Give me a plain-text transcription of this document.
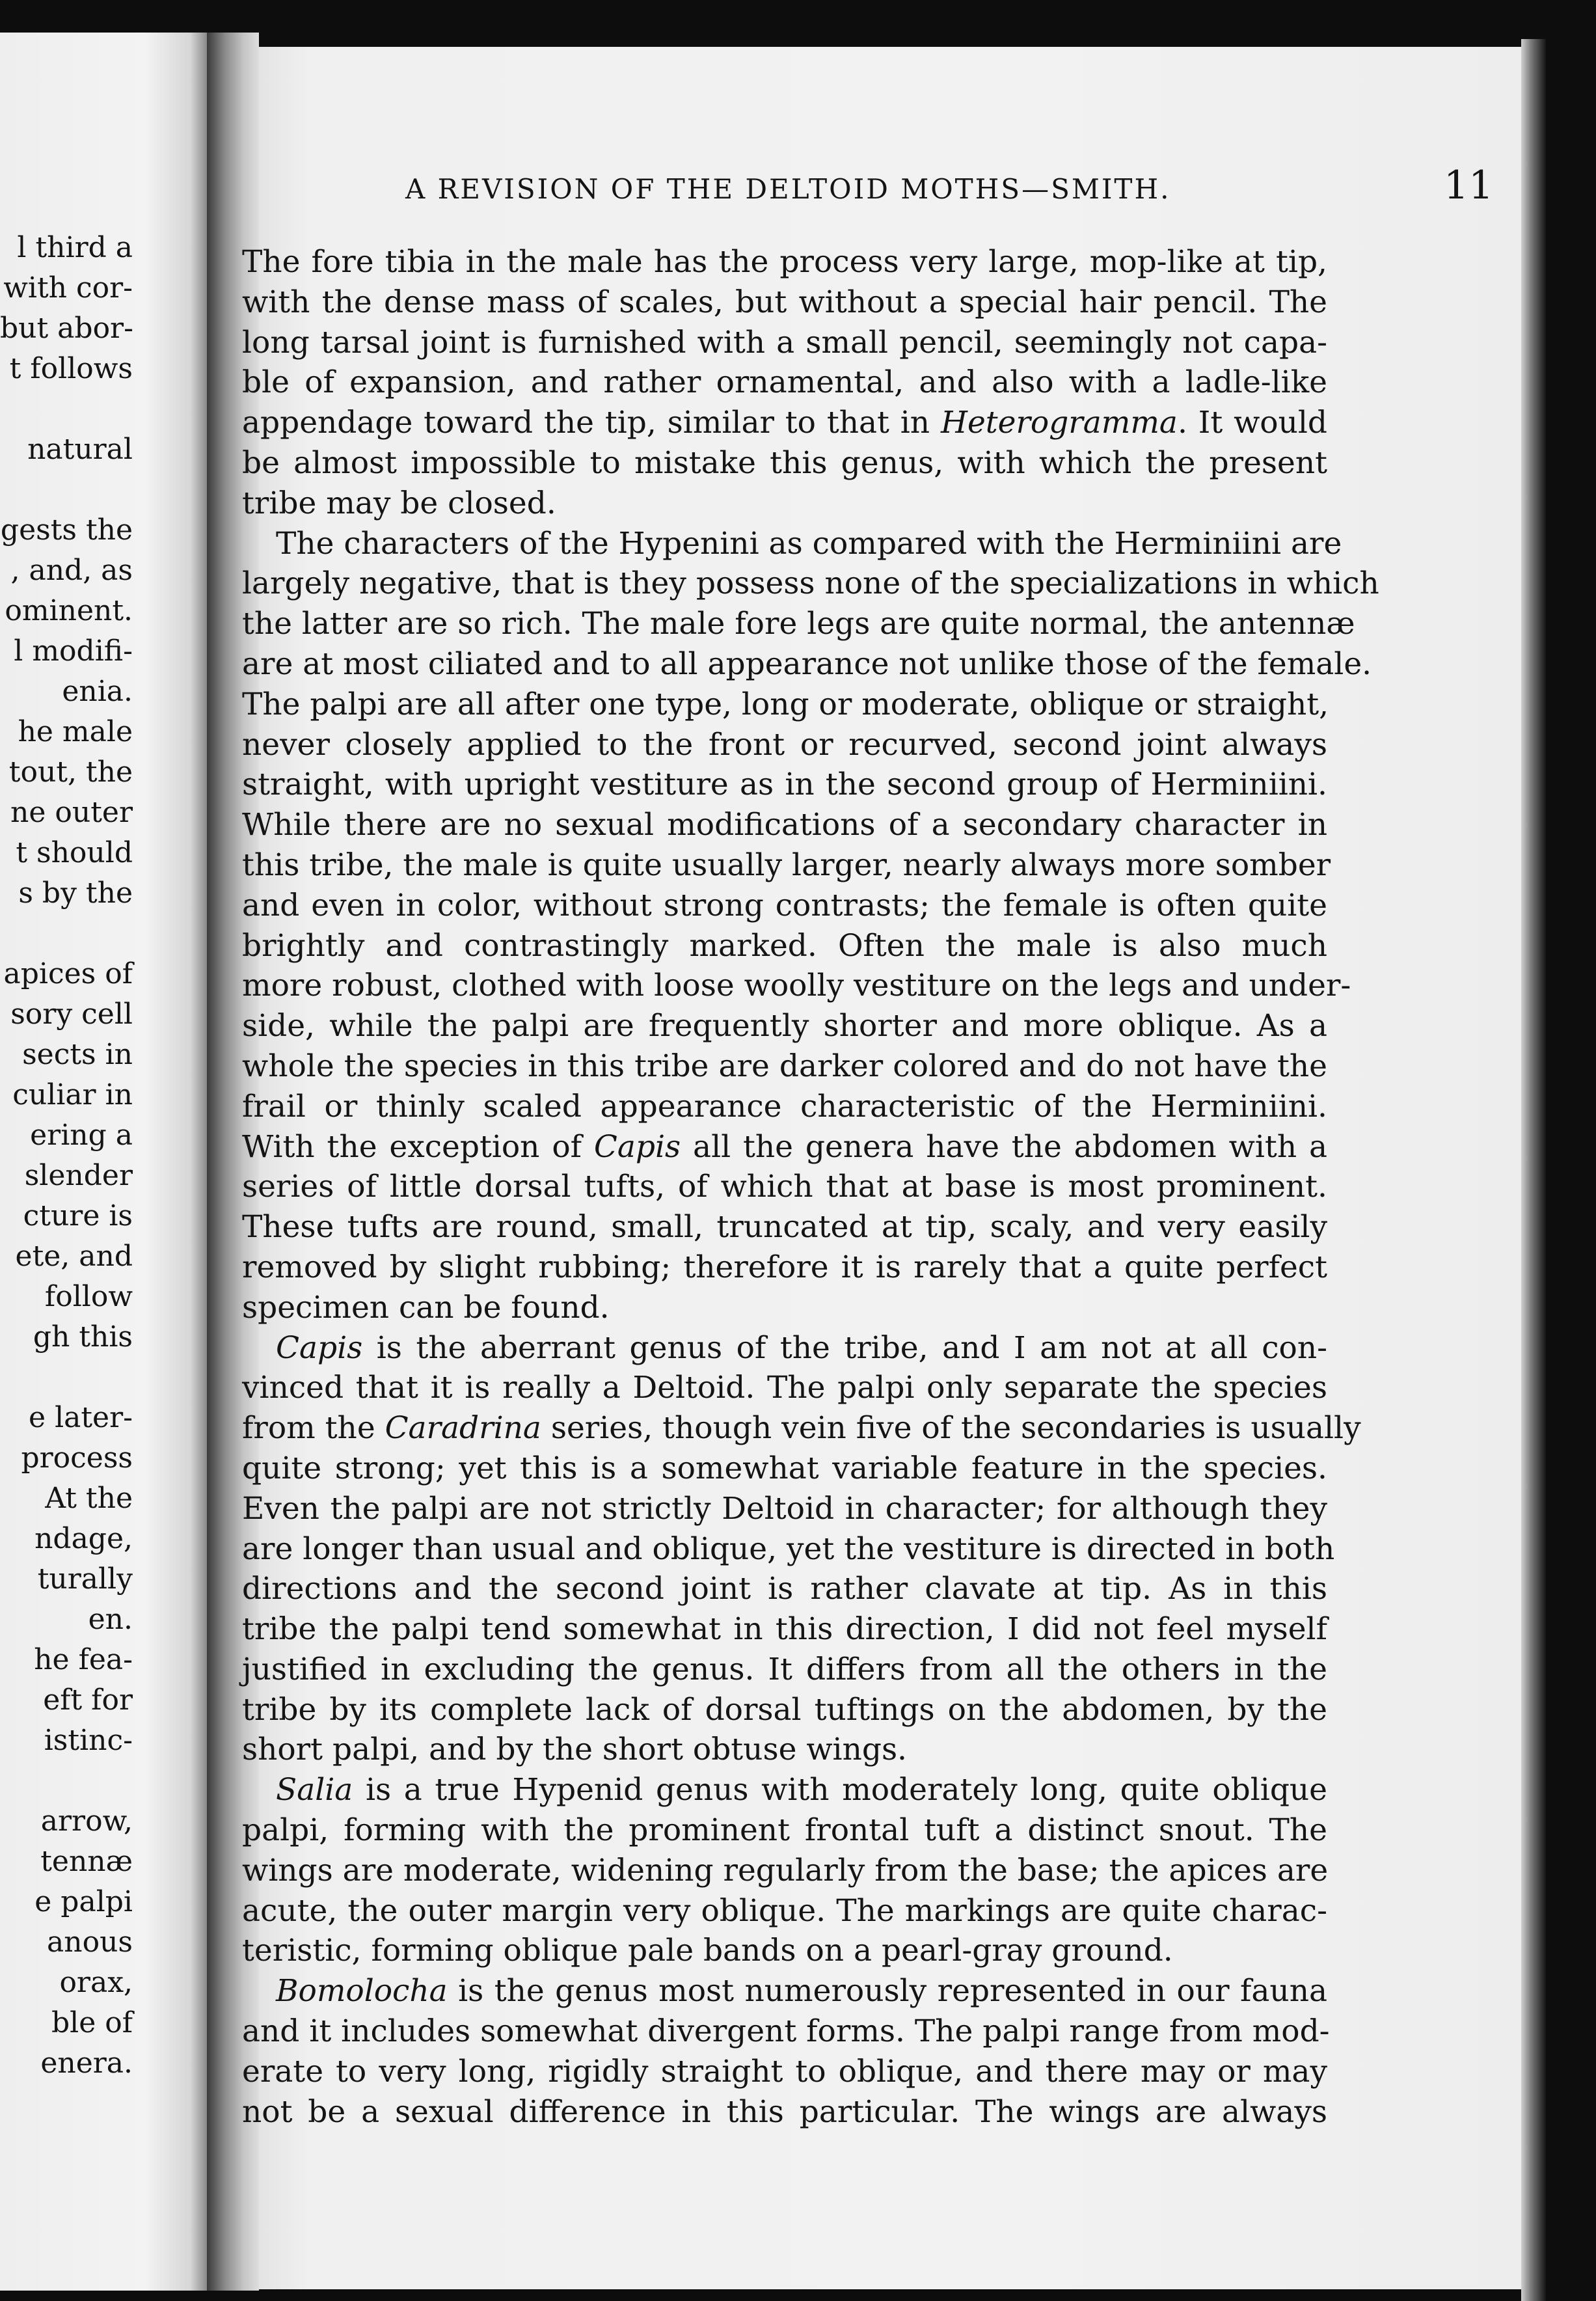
l third a
with cor-
but abor-
t follows
natural
gests the
, and, as
ominent.
l modifi-
enia.
he male
tout, the
ne outer
t should
s by the
apices of
sory cell
sects in
culiar in
ering a
slender
cture is
ete, and
follow
gh this
e later-
process
At the
ndage,
turally
en.
he fea-
eft for
istinc-
arrow,
tennæ
e palpi
anous
orax,
ble of
enera.
A REVISION OF THE DELTOID MOTHS—SMITH.	11
The fore tibia in the male has the process very large, mop-like at tip,
with the dense mass of scales, but without a special hair pencil. The
long tarsal joint is furnished with a small pencil, seemingly not capa-
ble of expansion, and rather ornamental, and also with a ladle-like
appendage toward the tip, similar to that in Heterogramma. It would
be almost impossible to mistake this genus, with which the present
tribe may be closed.
The characters of the Hypenini as compared with the Herminiini are
largely negative, that is they possess none of the specializations in which
the latter are so rich. The male fore legs are quite normal, the antennæ
are at most ciliated and to all appearance not unlike those of the female.
The palpi are all after one type, long or moderate, oblique or straight,
never closely applied to the front or recurved, second joint always
straight, with upright vestiture as in the second group of Herminiini.
While there are no sexual modifications of a secondary character in
this tribe, the male is quite usually larger, nearly always more somber
and even in color, without strong contrasts; the female is often quite
brightly and contrastingly marked. Often the male is also much
more robust, clothed with loose woolly vestiture on the legs and under-
side, while the palpi are frequently shorter and more oblique. As a
whole the species in this tribe are darker colored and do not have the
frail or thinly scaled appearance characteristic of the Herminiini.
With the exception of Capis all the genera have the abdomen with a
series of little dorsal tufts, of which that at base is most prominent.
These tufts are round, small, truncated at tip, scaly, and very easily
removed by slight rubbing; therefore it is rarely that a quite perfect
specimen can be found.
Capis is the aberrant genus of the tribe, and I am not at all con-
vinced that it is really a Deltoid. The palpi only separate the species
from the Caradrina series, though vein five of the secondaries is usually
quite strong; yet this is a somewhat variable feature in the species.
Even the palpi are not strictly Deltoid in character; for although they
are longer than usual and oblique, yet the vestiture is directed in both
directions and the second joint is rather clavate at tip. As in this
tribe the palpi tend somewhat in this direction, I did not feel myself
justified in excluding the genus. It differs from all the others in the
tribe by its complete lack of dorsal tuftings on the abdomen, by the
short palpi, and by the short obtuse wings.
Salia is a true Hypenid genus with moderately long, quite oblique
palpi, forming with the prominent frontal tuft a distinct snout. The
wings are moderate, widening regularly from the base; the apices are
acute, the outer margin very oblique. The markings are quite charac-
teristic, forming oblique pale bands on a pearl-gray ground.
Bomolocha is the genus most numerously represented in our fauna
and it includes somewhat divergent forms. The palpi range from mod-
erate to very long, rigidly straight to oblique, and there may or may
not be a sexual difference in this particular. The wings are always
